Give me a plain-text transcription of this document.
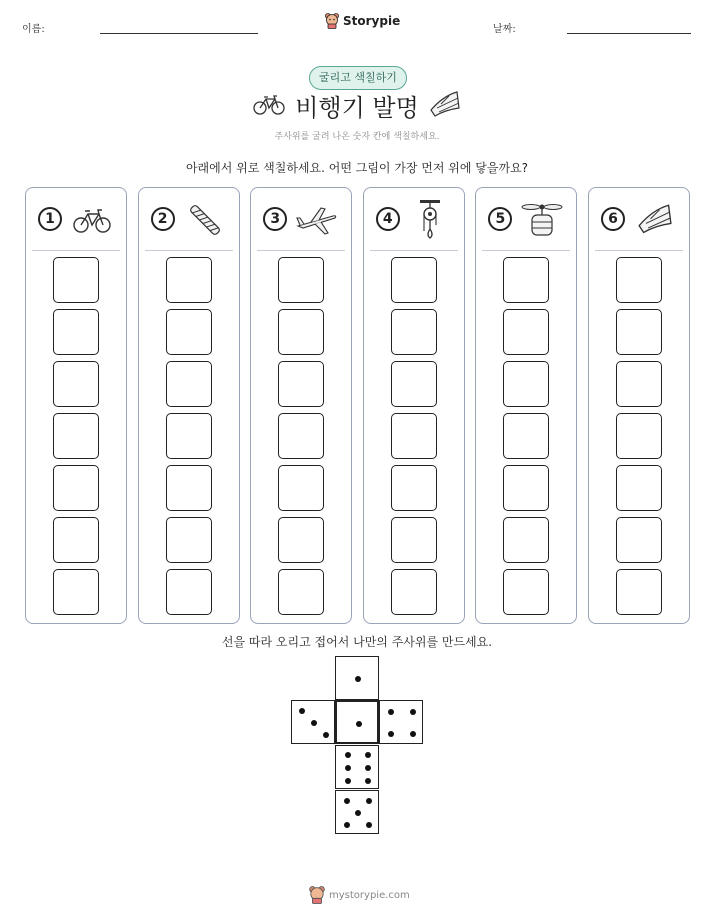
이름:
Storypie
날짜:
굴리고 색칠하기
비행기 발명
주사위를 굴려 나온 숫자 칸에 색칠하세요.
아래에서 위로 색칠하세요. 어떤 그림이 가장 먼저 위에 닿을까요?
1	2	3	4	5	6
선을 따라 오리고 접어서 나만의 주사위를 만드세요.
mystorypie.com
